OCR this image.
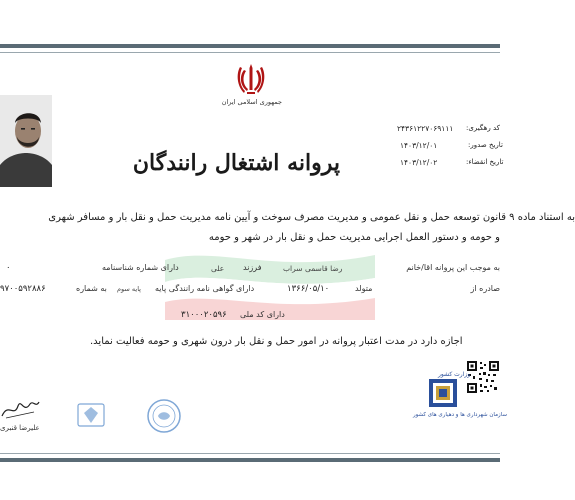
جمهوری اسلامی ایران
کد رهگیری:
۲۴۳۶۱۲۲۷۰۶۹۱۱۱
تاریخ صدور:
۱۴۰۳/۱۲/۰۱
تاریخ انقضاء:
۱۴۰۳/۱۲/۰۲
پروانه اشتغال رانندگان
به استناد ماده ۹ قانون توسعه حمل و نقل عمومی و مدیریت مصرف سوخت و آیین نامه مدیریت حمل و نقل بار و مسافر شهری
و حومه و دستور العمل اجرایی مدیریت حمل و نقل بار در شهر و حومه
به موجب این پروانه اقا/خانم
رضا قاسمی سراب
فرزند
علی
دارای شماره شناسنامه
۰
صادره از
متولد
۱۳۶۶/۰۵/۱۰
دارای گواهی نامه رانندگی پایه
پایه سوم
به شماره
۹۷۰۰۵۹۲۸۸۶
دارای کد ملی
۳۱۰۰۰۲۰۵۹۶
اجازه دارد در مدت اعتبار پروانه در امور حمل و نقل بار درون شهری و حومه فعالیت نماید.
وزارت کشور
سازمان شهرداری ها و دهیاری های کشور
علیرضا قنبری
